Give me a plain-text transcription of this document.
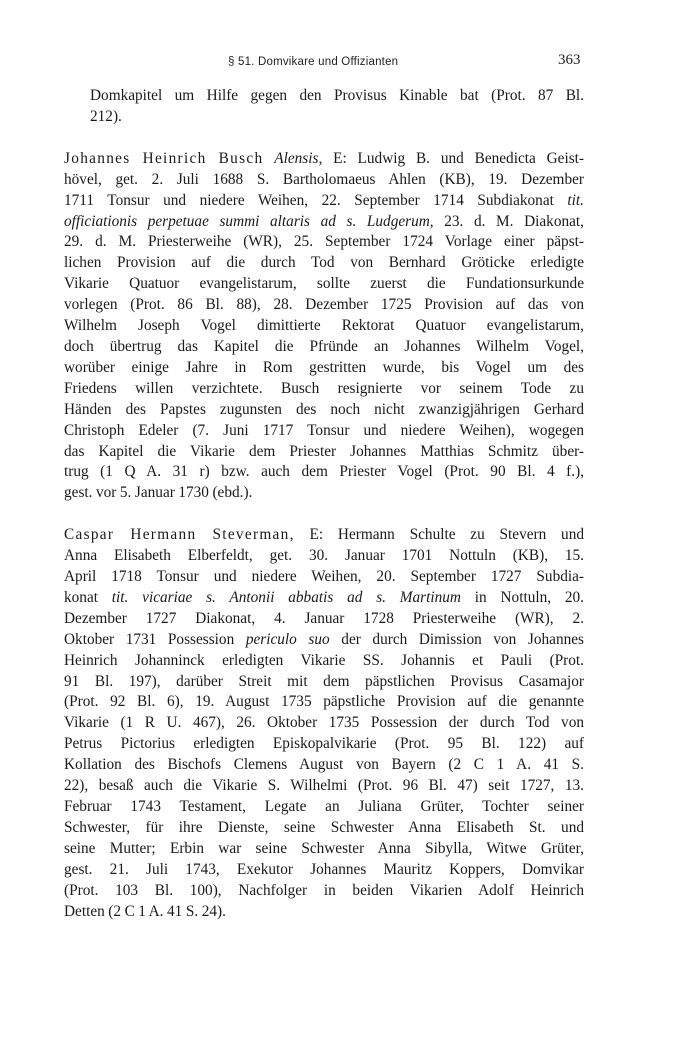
§ 51. Domvikare und Offizianten	363
Domkapitel um Hilfe gegen den Provisus Kinable bat (Prot. 87 Bl.
212).
Johannes Heinrich Busch Alensis, E: Ludwig B. und Benedicta Geist-
hövel, get. 2. Juli 1688 S. Bartholomaeus Ahlen (KB), 19. Dezember
1711 Tonsur und niedere Weihen, 22. September 1714 Subdiakonat tit.
officiationis perpetuae summi altaris ad s. Ludgerum, 23. d. M. Diakonat,
29. d. M. Priesterweihe (WR), 25. September 1724 Vorlage einer päpst-
lichen Provision auf die durch Tod von Bernhard Gröticke erledigte
Vikarie Quatuor evangelistarum, sollte zuerst die Fundationsurkunde
vorlegen (Prot. 86 Bl. 88), 28. Dezember 1725 Provision auf das von
Wilhelm Joseph Vogel dimittierte Rektorat Quatuor evangelistarum,
doch übertrug das Kapitel die Pfründe an Johannes Wilhelm Vogel,
worüber einige Jahre in Rom gestritten wurde, bis Vogel um des
Friedens willen verzichtete. Busch resignierte vor seinem Tode zu
Händen des Papstes zugunsten des noch nicht zwanzigjährigen Gerhard
Christoph Edeler (7. Juni 1717 Tonsur und niedere Weihen), wogegen
das Kapitel die Vikarie dem Priester Johannes Matthias Schmitz über-
trug (1 Q A. 31 r) bzw. auch dem Priester Vogel (Prot. 90 Bl. 4 f.),
gest. vor 5. Januar 1730 (ebd.).
Caspar Hermann Steverman, E: Hermann Schulte zu Stevern und
Anna Elisabeth Elberfeldt, get. 30. Januar 1701 Nottuln (KB), 15.
April 1718 Tonsur und niedere Weihen, 20. September 1727 Subdia-
konat tit. vicariae s. Antonii abbatis ad s. Martinum in Nottuln, 20.
Dezember 1727 Diakonat, 4. Januar 1728 Priesterweihe (WR), 2.
Oktober 1731 Possession periculo suo der durch Dimission von Johannes
Heinrich Johanninck erledigten Vikarie SS. Johannis et Pauli (Prot.
91 Bl. 197), darüber Streit mit dem päpstlichen Provisus Casamajor
(Prot. 92 Bl. 6), 19. August 1735 päpstliche Provision auf die genannte
Vikarie (1 R U. 467), 26. Oktober 1735 Possession der durch Tod von
Petrus Pictorius erledigten Episkopalvikarie (Prot. 95 Bl. 122) auf
Kollation des Bischofs Clemens August von Bayern (2 C 1 A. 41 S.
22), besaß auch die Vikarie S. Wilhelmi (Prot. 96 Bl. 47) seit 1727, 13.
Februar 1743 Testament, Legate an Juliana Grüter, Tochter seiner
Schwester, für ihre Dienste, seine Schwester Anna Elisabeth St. und
seine Mutter; Erbin war seine Schwester Anna Sibylla, Witwe Grüter,
gest. 21. Juli 1743, Exekutor Johannes Mauritz Koppers, Domvikar
(Prot. 103 Bl. 100), Nachfolger in beiden Vikarien Adolf Heinrich
Detten (2 C 1 A. 41 S. 24).
